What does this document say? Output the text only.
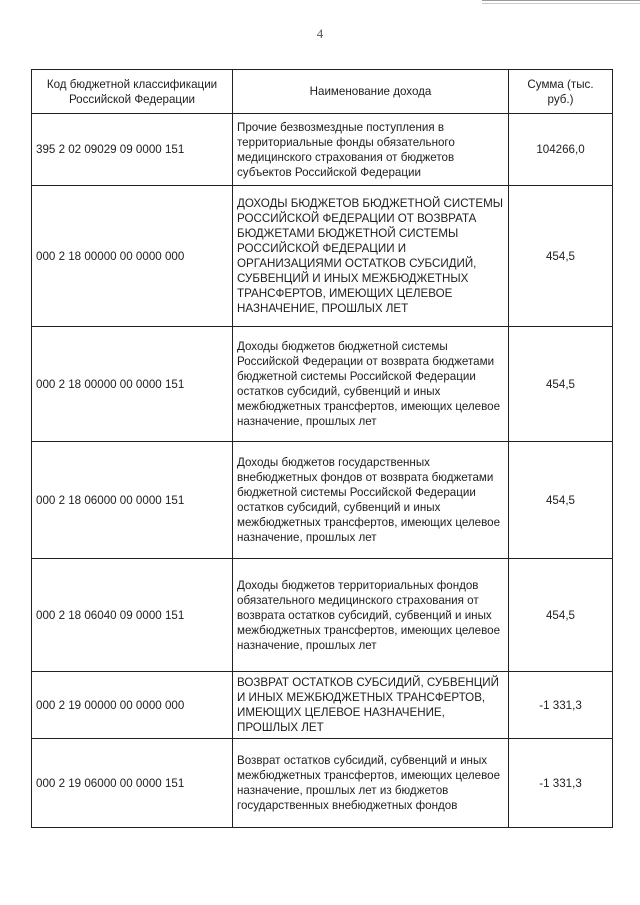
4
Код бюджетной классификации Российской Федерации	Наименование дохода	Сумма (тыс. руб.)
395 2 02 09029 09 0000 151	Прочие безвозмездные поступления в территориальные фонды обязательного медицинского страхования от бюджетов субъектов Российской Федерации	104266,0
000 2 18 00000 00 0000 000	ДОХОДЫ БЮДЖЕТОВ БЮДЖЕТНОЙ СИСТЕМЫ РОССИЙСКОЙ ФЕДЕРАЦИИ ОТ ВОЗВРАТА БЮДЖЕТАМИ БЮДЖЕТНОЙ СИСТЕМЫ РОССИЙСКОЙ ФЕДЕРАЦИИ И ОРГАНИЗАЦИЯМИ ОСТАТКОВ СУБСИДИЙ, СУБВЕНЦИЙ И ИНЫХ МЕЖБЮДЖЕТНЫХ ТРАНСФЕРТОВ, ИМЕЮЩИХ ЦЕЛЕВОЕ НАЗНАЧЕНИЕ, ПРОШЛЫХ ЛЕТ	454,5
000 2 18 00000 00 0000 151	Доходы бюджетов бюджетной системы Российской Федерации от возврата бюджетами бюджетной системы Российской Федерации остатков субсидий, субвенций и иных межбюджетных трансфертов, имеющих целевое назначение, прошлых лет	454,5
000 2 18 06000 00 0000 151	Доходы бюджетов государственных внебюджетных фондов от возврата бюджетами бюджетной системы Российской Федерации остатков субсидий, субвенций и иных межбюджетных трансфертов, имеющих целевое назначение, прошлых лет	454,5
000 2 18 06040 09 0000 151	Доходы бюджетов территориальных фондов обязательного медицинского страхования от возврата остатков субсидий, субвенций и иных межбюджетных трансфертов, имеющих целевое назначение, прошлых лет	454,5
000 2 19 00000 00 0000 000	ВОЗВРАТ ОСТАТКОВ СУБСИДИЙ, СУБВЕНЦИЙ И ИНЫХ МЕЖБЮДЖЕТНЫХ ТРАНСФЕРТОВ, ИМЕЮЩИХ ЦЕЛЕВОЕ НАЗНАЧЕНИЕ, ПРОШЛЫХ ЛЕТ	-1 331,3
000 2 19 06000 00 0000 151	Возврат остатков субсидий, субвенций и иных межбюджетных трансфертов, имеющих целевое назначение, прошлых лет из бюджетов государственных внебюджетных фондов	-1 331,3
